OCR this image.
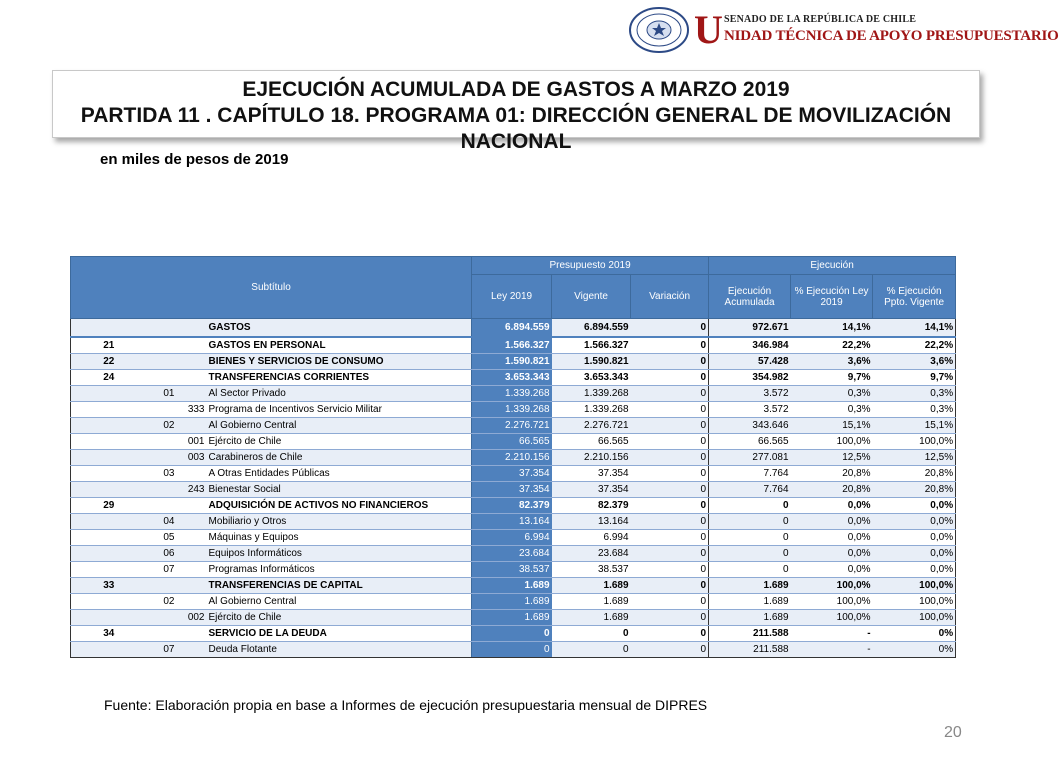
U SENADO DE LA REPÚBLICA DE CHILE
NIDAD TÉCNICA DE APOYO PRESUPUESTARIO
EJECUCIÓN ACUMULADA DE GASTOS A MARZO 2019
PARTIDA 11 . CAPÍTULO 18. PROGRAMA 01: DIRECCIÓN GENERAL DE MOVILIZACIÓN NACIONAL
en miles de pesos de 2019
Subtítulo				Presupuesto 2019			Ejecución		
				Ley 2019	Vigente	Variación	Ejecución Acumulada	% Ejecución Ley 2019	% Ejecución Ppto. Vigente
			GASTOS	6.894.559	6.894.559	0	972.671	14,1%	14,1%
21			GASTOS EN PERSONAL	1.566.327	1.566.327	0	346.984	22,2%	22,2%
22			BIENES Y SERVICIOS DE CONSUMO	1.590.821	1.590.821	0	57.428	3,6%	3,6%
24			TRANSFERENCIAS CORRIENTES	3.653.343	3.653.343	0	354.982	9,7%	9,7%
	01		Al Sector Privado	1.339.268	1.339.268	0	3.572	0,3%	0,3%
		333	Programa de Incentivos Servicio Militar	1.339.268	1.339.268	0	3.572	0,3%	0,3%
	02		Al Gobierno Central	2.276.721	2.276.721	0	343.646	15,1%	15,1%
		001	Ejército de Chile	66.565	66.565	0	66.565	100,0%	100,0%
		003	Carabineros de Chile	2.210.156	2.210.156	0	277.081	12,5%	12,5%
	03		A Otras Entidades Públicas	37.354	37.354	0	7.764	20,8%	20,8%
		243	Bienestar Social	37.354	37.354	0	7.764	20,8%	20,8%
29			ADQUISICIÓN DE ACTIVOS NO FINANCIEROS	82.379	82.379	0	0	0,0%	0,0%
	04		Mobiliario y Otros	13.164	13.164	0	0	0,0%	0,0%
	05		Máquinas y Equipos	6.994	6.994	0	0	0,0%	0,0%
	06		Equipos Informáticos	23.684	23.684	0	0	0,0%	0,0%
	07		Programas Informáticos	38.537	38.537	0	0	0,0%	0,0%
33			TRANSFERENCIAS DE CAPITAL	1.689	1.689	0	1.689	100,0%	100,0%
	02		Al Gobierno Central	1.689	1.689	0	1.689	100,0%	100,0%
		002	Ejército de Chile	1.689	1.689	0	1.689	100,0%	100,0%
34			SERVICIO DE LA DEUDA	0	0	0	211.588	-	0%
	07		Deuda Flotante	0	0	0	211.588	-	0%
Fuente: Elaboración propia en base a Informes de ejecución presupuestaria mensual de DIPRES
20
